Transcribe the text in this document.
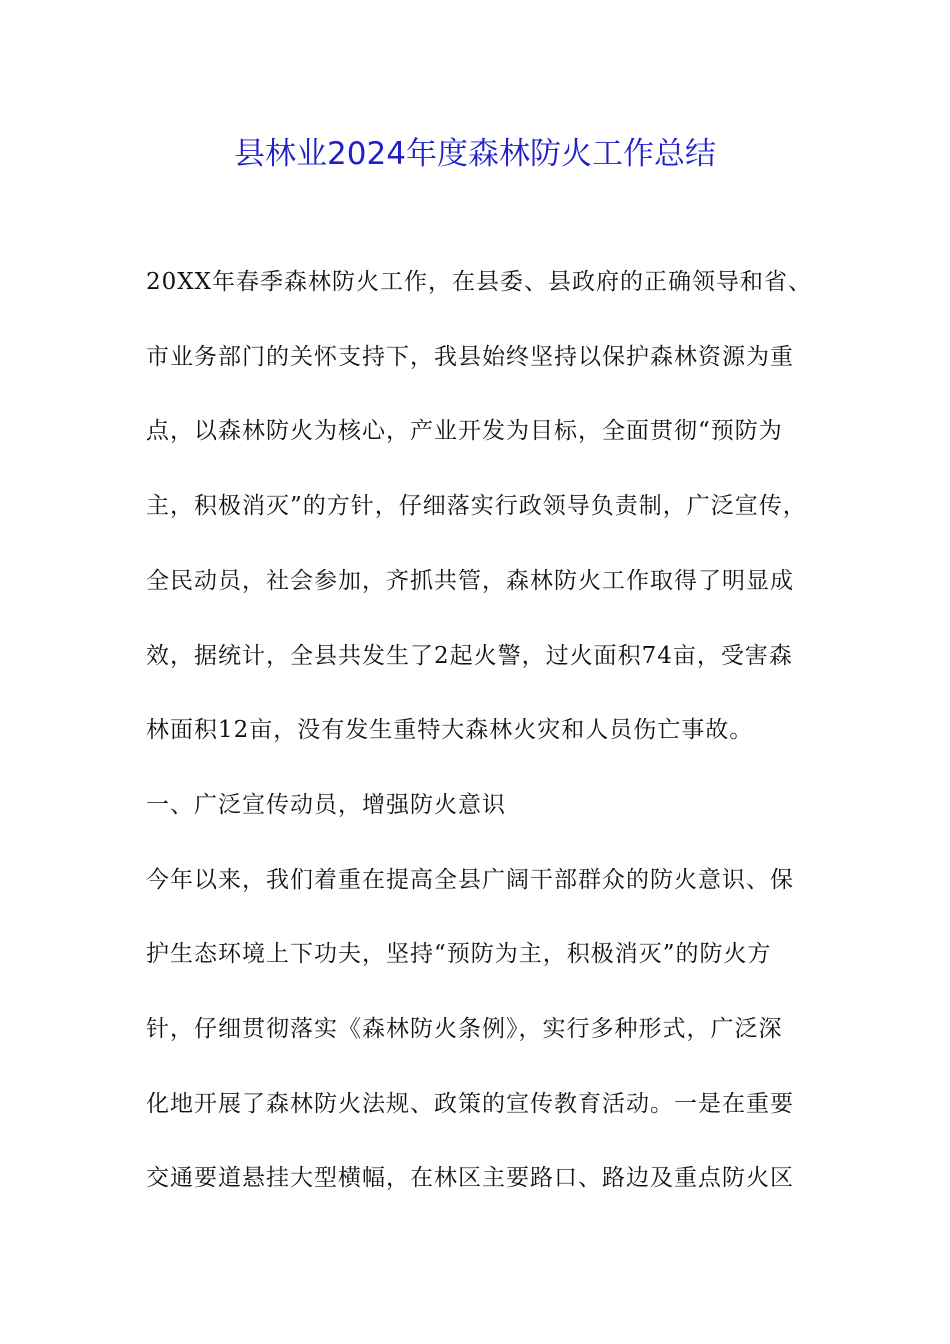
县林业2024年度森林防火工作总结

20XX年春季森林防火工作，在县委、县政府的正确领导和省、

市业务部门的关怀支持下，我县始终坚持以保护森林资源为重

点，以森林防火为核心，产业开发为目标，全面贯彻“预防为

主，积极消灭”的方针，仔细落实行政领导负责制，广泛宣传，

全民动员，社会参加，齐抓共管，森林防火工作取得了明显成

效，据统计，全县共发生了2起火警，过火面积74亩，受害森

林面积12亩，没有发生重特大森林火灾和人员伤亡事故。

一、广泛宣传动员，增强防火意识

今年以来，我们着重在提高全县广阔干部群众的防火意识、保

护生态环境上下功夫，坚持“预防为主，积极消灭”的防火方

针，仔细贯彻落实《森林防火条例》，实行多种形式，广泛深

化地开展了森林防火法规、政策的宣传教育活动。一是在重要

交通要道悬挂大型横幅，在林区主要路口、路边及重点防火区
